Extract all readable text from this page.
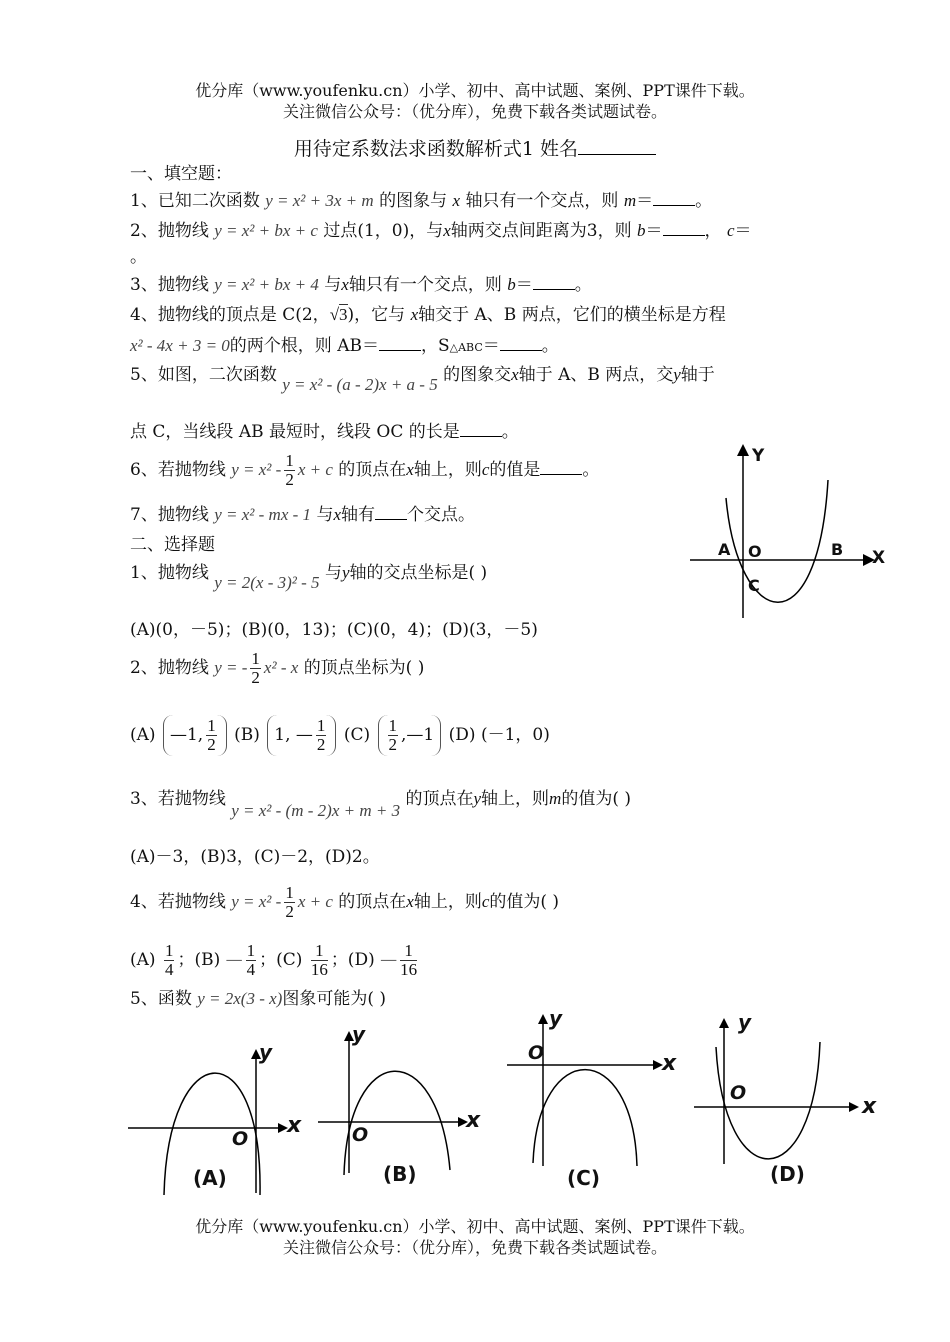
优分库（www.youfenku.cn）小学、初中、高中试题、案例、PPT课件下载。
关注微信公众号：（优分库），免费下载各类试题试卷。
用待定系数法求函数解析式1 姓名
一、填空题：
1、已知二次函数 y = x² + 3x + m 的图象与 x 轴只有一个交点，则 m＝ 。
2、抛物线 y = x² + bx + c 过点(1，0)，与x轴两交点间距离为3，则 b＝ ， c＝
。
3、抛物线 y = x² + bx + 4 与x轴只有一个交点，则 b＝ 。
4、抛物线的顶点是 C(2，√3)，它与 x轴交于 A、B 两点，它们的横坐标是方程
x² - 4x + 3 = 0的两个根，则 AB＝ ，S△ABC＝ 。
5、如图，二次函数 y = x² - (a - 2)x + a - 5 的图象交x轴于 A、B 两点，交y轴于
点 C，当线段 AB 最短时，线段 OC 的长是 。
6、若抛物线 $y = x^2 - \frac{1}{2}$ x + c 的顶点在x轴上，则c的值是 。
7、抛物线 y = x² - mx - 1 与x轴有 个交点。
Y
X
A O	B
C
二、选择题
1、抛物线 y = 2(x - 3)² - 5 与y轴的交点坐标是( )
(A)(0，－5)；(B)(0，13)；(C)(0，4)；(D)(3，－5)
2、抛物线 y = - $\frac{1}{2} x^2$ - x 的顶点坐标为( )
(A) —1, $\frac{1}{2} (B)$ 1, — $\frac{1}{2} (C) \frac{1}{2}$ ,—1 (D) (－1，0)
3、若抛物线 y = x² - (m - 2)x + m + 3 的顶点在y轴上，则m的值为( )
(A)－3，(B)3，(C)－2，(D)2。
4、若抛物线 $y = x^2 - \frac{1}{2}$ x + c 的顶点在x轴上，则c的值为( )
$(A) \frac{1}{4}$ ；(B) — $\frac{1}{4}$ ；$(C) \frac{1}{16}$ ；(D) — $\frac{1}{16}$
5、函数 y = 2x(3 - x)图象可能为( )
y
x
O
(A)
y
x
O
(B)
y
x
O
(C)
y
x
O
(D)
优分库（www.youfenku.cn）小学、初中、高中试题、案例、PPT课件下载。
关注微信公众号：（优分库），免费下载各类试题试卷。
